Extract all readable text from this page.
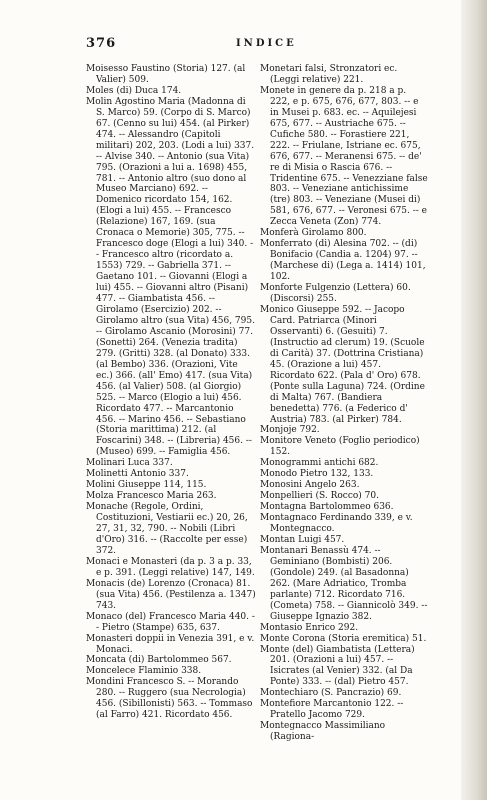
376	INDICE

Moisesso Faustino (Storia) 127. (al Valier) 509.

Moles (di) Duca 174.

Molin Agostino Maria (Madonna di S. Marco) 59. (Corpo di S. Marco) 67. (Cenno su lui) 454. (al Pirker) 474. -- Alessandro (Capitoli militari) 202, 203. (Lodi a lui) 337. -- Alvise 340. -- Antonio (sua Vita) 795. (Orazioni a lui a. 1698) 455, 781. -- Antonio altro (suo dono al Museo Marciano) 692. -- Domenico ricordato 154, 162. (Elogi a lui) 455. -- Francesco (Relazione) 167, 169. (sua Cronaca o Memorie) 305, 775. -- Francesco doge (Elogi a lui) 340. -- Francesco altro (ricordato a. 1553) 729. -- Gabriella 371. -- Gaetano 101. -- Giovanni (Elogi a lui) 455. -- Giovanni altro (Pisani) 477. -- Giambatista 456. -- Girolamo (Esercizio) 202. -- Girolamo altro (sua Vita) 456, 795. -- Girolamo Ascanio (Morosini) 77. (Sonetti) 264. (Venezia tradita) 279. (Gritti) 328. (al Donato) 333. (al Bembo) 336. (Orazioni, Vite ec.) 366. (all' Emo) 417. (sua Vita) 456. (al Valier) 508. (al Giorgio) 525. -- Marco (Elogio a lui) 456. Ricordato 477. -- Marcantonio 456. -- Marino 456. -- Sebastiano (Storia marittima) 212. (al Foscarini) 348. -- (Libreria) 456. -- (Museo) 699. -- Famiglia 456.

Molinari Luca 337.

Molinetti Antonio 337.

Molini Giuseppe 114, 115.

Molza Francesco Maria 263.

Monache (Regole, Ordini, Costituzioni, Vestiarii ec.) 20, 26, 27, 31, 32, 790. -- Nobili (Libri d'Oro) 316. -- (Raccolte per esse) 372.

Monaci e Monasteri (da p. 3 a p. 33, e p. 391. (Leggi relative) 147, 149.

Monacis (de) Lorenzo (Cronaca) 81. (sua Vita) 456. (Pestilenza a. 1347) 743.

Monaco (del) Francesco Maria 440. -- Pietro (Stampe) 635, 637.

Monasteri doppii in Venezia 391, e v. Monaci.

Moncata (di) Bartolommeo 567.

Moncelece Flaminio 338.

Mondini Francesco S. -- Morando 280. -- Ruggero (sua Necrologia) 456. (Sibillonisti) 563. -- Tommaso (al Farro) 421. Ricordato 456.

Monetari falsi, Stronzatori ec. (Leggi relative) 221.

Monete in genere da p. 218 a p. 222, e p. 675, 676, 677, 803. -- e in Musei p. 683. ec. -- Aquilejesi 675, 677. -- Austriache 675. -- Cufiche 580. -- Forastiere 221, 222. -- Friulane, Istriane ec. 675, 676, 677. -- Meranensi 675. -- de' re di Misia o Rascia 676. -- Tridentine 675. -- Venezziane false 803. -- Veneziane antichissime (tre) 803. -- Veneziane (Musei di) 581, 676, 677. -- Veronesi 675. -- e Zecca Veneta (Zon) 774.

Monferà Girolamo 800.

Monferrato (di) Alesina 702. -- (di) Bonifacio (Candia a. 1204) 97. -- (Marchese di) (Lega a. 1414) 101, 102.

Monforte Fulgenzio (Lettera) 60. (Discorsi) 255.

Monico Giuseppe 592. -- Jacopo Card. Patriarca (Minori Osservanti) 6. (Gesuiti) 7. (Instructio ad clerum) 19. (Scuole di Carità) 37. (Dottrina Cristiana) 45. (Orazione a lui) 457. Ricordato 622. (Pala d' Oro) 678. (Ponte sulla Laguna) 724. (Ordine di Malta) 767. (Bandiera benedetta) 776. (a Federico d' Austria) 783. (al Pirker) 784.

Monjoje 792.

Monitore Veneto (Foglio periodico) 152.

Monogrammi antichi 682.

Monodo Pietro 132, 133.

Monosini Angelo 263.

Monpellieri (S. Rocco) 70.

Montagna Bartolommeo 636.

Montagnaco Ferdinando 339, e v. Montegnacco.

Montan Luigi 457.

Montanari Benassù 474. -- Geminiano (Bombisti) 206. (Gondole) 249. (al Basadonna) 262. (Mare Adriatico, Tromba parlante) 712. Ricordato 716. (Cometa) 758. -- Giannicolò 349. -- Giuseppe Ignazio 382.

Montasio Enrico 292.

Monte Corona (Storia eremitica) 51.

Monte (del) Giambatista (Lettera) 201. (Orazioni a lui) 457. -- Isicrates (al Venier) 332. (al Da Ponte) 333. -- (dal) Pietro 457.

Montechiaro (S. Pancrazio) 69.

Montefiore Marcantonio 122. -- Pratello Jacomo 729.

Montegnacco Massimiliano (Ragiona-
